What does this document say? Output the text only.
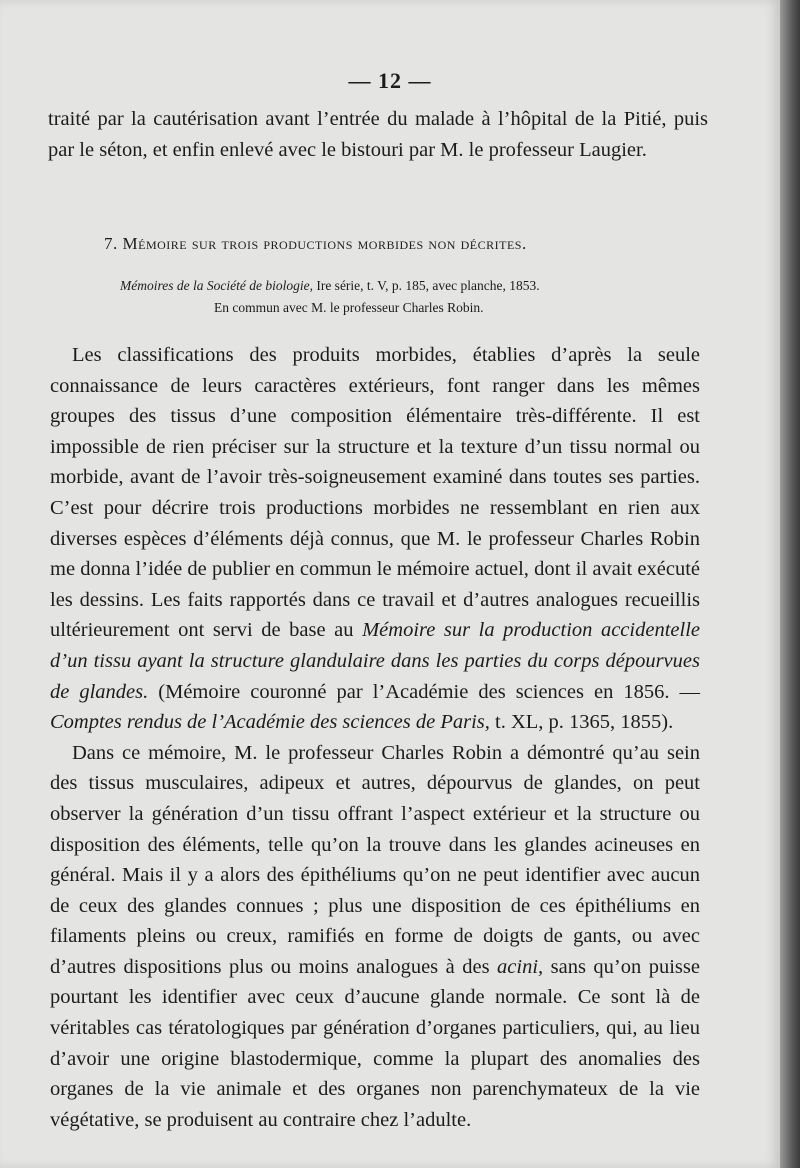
— 12 —
traité par la cautérisation avant l’entrée du malade à l’hôpital de la Pitié, puis par le séton, et enfin enlevé avec le bistouri par M. le professeur Laugier.
7. Mémoire sur trois productions morbides non décrites.
Mémoires de la Société de biologie, Ire série, t. V, p. 185, avec planche, 1853.
En commun avec M. le professeur Charles Robin.

Les classifications des produits morbides, établies d’après la seule connaissance de leurs caractères extérieurs, font ranger dans les mêmes groupes des tissus d’une composition élémentaire très-différente. Il est impossible de rien préciser sur la structure et la texture d’un tissu normal ou morbide, avant de l’avoir très-soigneusement examiné dans toutes ses parties. C’est pour décrire trois productions morbides ne ressemblant en rien aux diverses espèces d’éléments déjà connus, que M. le professeur Charles Robin me donna l’idée de publier en commun le mémoire actuel, dont il avait exécuté les dessins. Les faits rapportés dans ce travail et d’autres analogues recueillis ultérieurement ont servi de base au Mémoire sur la production accidentelle d’un tissu ayant la structure glandulaire dans les parties du corps dépourvues de glandes. (Mémoire couronné par l’Académie des sciences en 1856. — Comptes rendus de l’Académie des sciences de Paris, t. XL, p. 1365, 1855).

Dans ce mémoire, M. le professeur Charles Robin a démontré qu’au sein des tissus musculaires, adipeux et autres, dépourvus de glandes, on peut observer la génération d’un tissu offrant l’aspect extérieur et la structure ou disposition des éléments, telle qu’on la trouve dans les glandes acineuses en général. Mais il y a alors des épithéliums qu’on ne peut identifier avec aucun de ceux des glandes connues ; plus une disposition de ces épithéliums en filaments pleins ou creux, ramifiés en forme de doigts de gants, ou avec d’autres dispositions plus ou moins analogues à des acini, sans qu’on puisse pourtant les identifier avec ceux d’aucune glande normale. Ce sont là de véritables cas tératologiques par génération d’organes particuliers, qui, au lieu d’avoir une origine blastodermique, comme la plupart des anomalies des organes de la vie animale et des organes non parenchymateux de la vie végétative, se produisent au contraire chez l’adulte.
